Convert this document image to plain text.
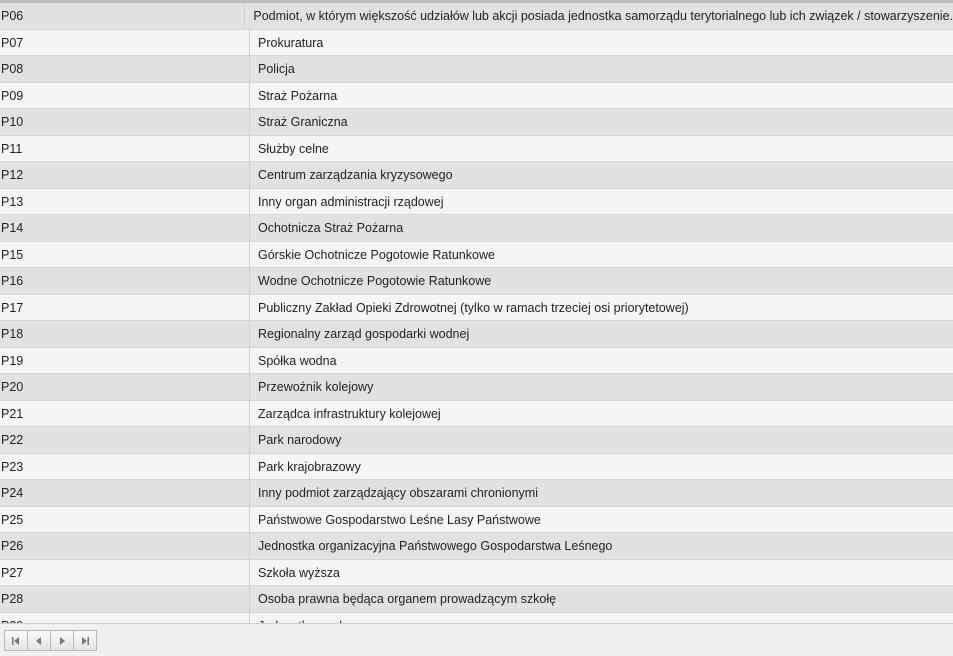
P06	Podmiot, w którym większość udziałów lub akcji posiada jednostka samorządu terytorialnego lub ich związek / stowarzyszenie.
P07	Prokuratura
P08	Policja
P09	Straż Pożarna
P10	Straż Graniczna
P11	Służby celne
P12	Centrum zarządzania kryzysowego
P13	Inny organ administracji rządowej
P14	Ochotnicza Straż Pożarna
P15	Górskie Ochotnicze Pogotowie Ratunkowe
P16	Wodne Ochotnicze Pogotowie Ratunkowe
P17	Publiczny Zakład Opieki Zdrowotnej (tylko w ramach trzeciej osi priorytetowej)
P18	Regionalny zarząd gospodarki wodnej
P19	Spółka wodna
P20	Przewoźnik kolejowy
P21	Zarządca infrastruktury kolejowej
P22	Park narodowy
P23	Park krajobrazowy
P24	Inny podmiot zarządzający obszarami chronionymi
P25	Państwowe Gospodarstwo Leśne Lasy Państwowe
P26	Jednostka organizacyjna Państwowego Gospodarstwa Leśnego
P27	Szkoła wyższa
P28	Osoba prawna będąca organem prowadzącym szkołę
